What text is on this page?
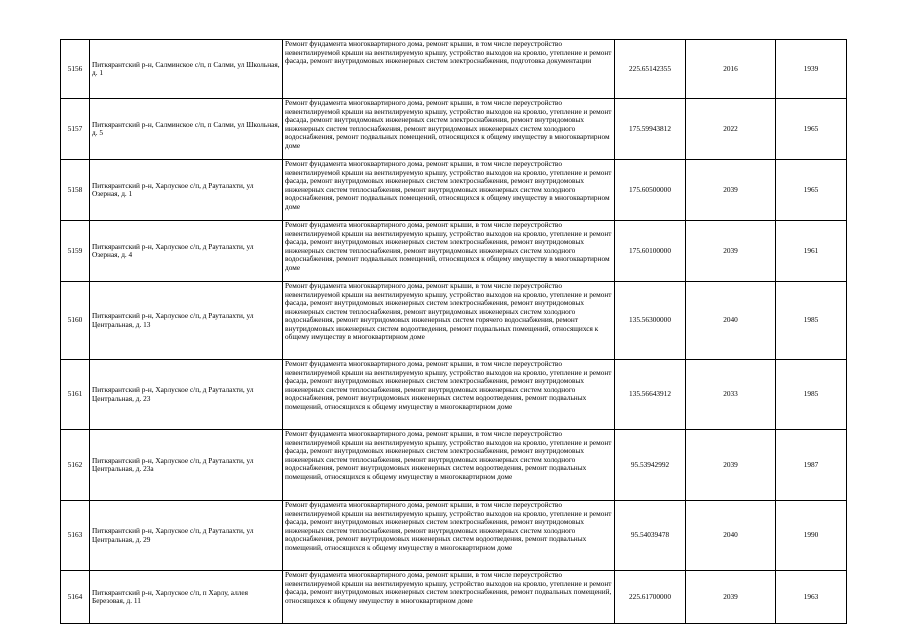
5156	Питкярантский р-н, Салминское с/п, п Салми, ул Школьная, д. 1	Ремонт фундамента многоквартирного дома, ремонт крыши, в том числе переустройство невентилируемой крыши на вентилируемую крышу, устройство выходов на кровлю, утепление и ремонт фасада, ремонт внутридомовых инженерных систем электроснабжения, подготовка документации	225.65142355	2016	1939
5157	Питкярантский р-н, Салминское с/п, п Салми, ул Школьная, д. 5	Ремонт фундамента многоквартирного дома, ремонт крыши, в том числе переустройство невентилируемой крыши на вентилируемую крышу, устройство выходов на кровлю, утепление и ремонт фасада, ремонт внутридомовых инженерных систем электроснабжения, ремонт внутридомовых инженерных систем теплоснабжения, ремонт внутридомовых инженерных систем холодного водоснабжения, ремонт подвальных помещений, относящихся к общему имуществу в многоквартирном доме	175.59943812	2022	1965
5158	Питкярантский р-н, Харлуское с/п, д Рауталахти, ул Озерная, д. 1	Ремонт фундамента многоквартирного дома, ремонт крыши, в том числе переустройство невентилируемой крыши на вентилируемую крышу, устройство выходов на кровлю, утепление и ремонт фасада, ремонт внутридомовых инженерных систем электроснабжения, ремонт внутридомовых инженерных систем теплоснабжения, ремонт внутридомовых инженерных систем холодного водоснабжения, ремонт подвальных помещений, относящихся к общему имуществу в многоквартирном доме	175.60500000	2039	1965
5159	Питкярантский р-н, Харлуское с/п, д Рауталахти, ул Озерная, д. 4	Ремонт фундамента многоквартирного дома, ремонт крыши, в том числе переустройство невентилируемой крыши на вентилируемую крышу, устройство выходов на кровлю, утепление и ремонт фасада, ремонт внутридомовых инженерных систем электроснабжения, ремонт внутридомовых инженерных систем теплоснабжения, ремонт внутридомовых инженерных систем холодного водоснабжения, ремонт подвальных помещений, относящихся к общему имуществу в многоквартирном доме	175.60100000	2039	1961
5160	Питкярантский р-н, Харлуское с/п, д Рауталахти, ул Центральная, д. 13	Ремонт фундамента многоквартирного дома, ремонт крыши, в том числе переустройство невентилируемой крыши на вентилируемую крышу, устройство выходов на кровлю, утепление и ремонт фасада, ремонт внутридомовых инженерных систем электроснабжения, ремонт внутридомовых инженерных систем теплоснабжения, ремонт внутридомовых инженерных систем холодного водоснабжения, ремонт внутридомовых инженерных систем горячего водоснабжения, ремонт внутридомовых инженерных систем водоотведения, ремонт подвальных помещений, относящихся к общему имуществу в многоквартирном доме	135.56300000	2040	1985
5161	Питкярантский р-н, Харлуское с/п, д Рауталахти, ул Центральная, д. 23	Ремонт фундамента многоквартирного дома, ремонт крыши, в том числе переустройство невентилируемой крыши на вентилируемую крышу, устройство выходов на кровлю, утепление и ремонт фасада, ремонт внутридомовых инженерных систем электроснабжения, ремонт внутридомовых инженерных систем теплоснабжения, ремонт внутридомовых инженерных систем холодного водоснабжения, ремонт внутридомовых инженерных систем водоотведения, ремонт подвальных помещений, относящихся к общему имуществу в многоквартирном доме	135.56643912	2033	1985
5162	Питкярантский р-н, Харлуское с/п, д Рауталахти, ул Центральная, д. 23а	Ремонт фундамента многоквартирного дома, ремонт крыши, в том числе переустройство невентилируемой крыши на вентилируемую крышу, устройство выходов на кровлю, утепление и ремонт фасада, ремонт внутридомовых инженерных систем электроснабжения, ремонт внутридомовых инженерных систем теплоснабжения, ремонт внутридомовых инженерных систем холодного водоснабжения, ремонт внутридомовых инженерных систем водоотведения, ремонт подвальных помещений, относящихся к общему имуществу в многоквартирном доме	95.53942992	2039	1987
5163	Питкярантский р-н, Харлуское с/п, д Рауталахти, ул Центральная, д. 29	Ремонт фундамента многоквартирного дома, ремонт крыши, в том числе переустройство невентилируемой крыши на вентилируемую крышу, устройство выходов на кровлю, утепление и ремонт фасада, ремонт внутридомовых инженерных систем электроснабжения, ремонт внутридомовых инженерных систем теплоснабжения, ремонт внутридомовых инженерных систем холодного водоснабжения, ремонт внутридомовых инженерных систем водоотведения, ремонт подвальных помещений, относящихся к общему имуществу в многоквартирном доме	95.54039478	2040	1990
5164	Питкярантский р-н, Харлуское с/п, п Харлу, аллея Березовая, д. 11	Ремонт фундамента многоквартирного дома, ремонт крыши, в том числе переустройство невентилируемой крыши на вентилируемую крышу, устройство выходов на кровлю, утепление и ремонт фасада, ремонт внутридомовых инженерных систем электроснабжения, ремонт подвальных помещений, относящихся к общему имуществу в многоквартирном доме	225.61700000	2039	1963
